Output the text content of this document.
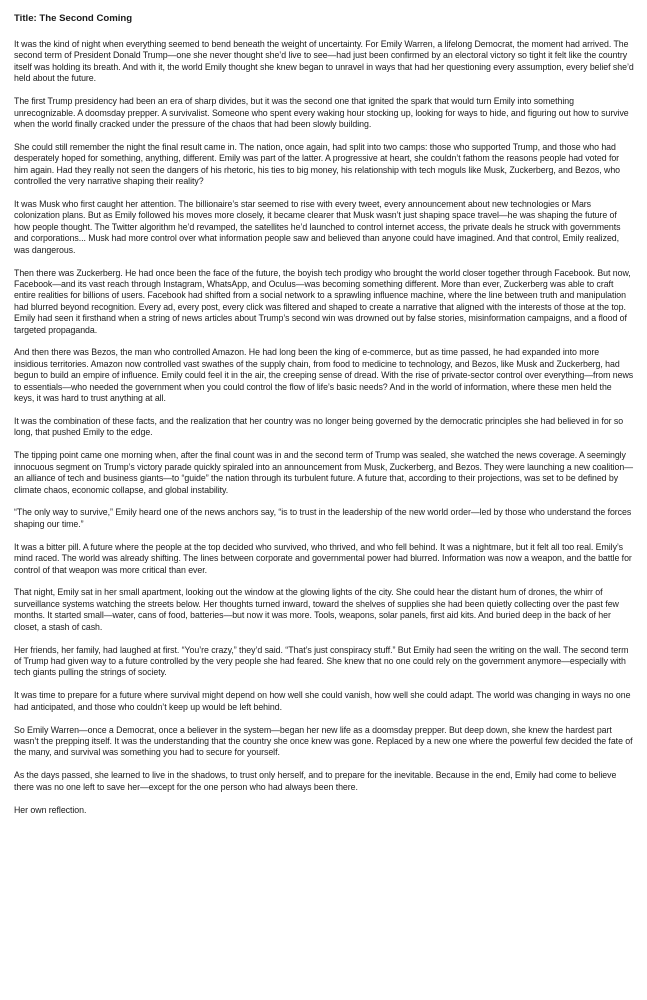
Title: The Second Coming

It was the kind of night when everything seemed to bend beneath the weight of uncertainty. For Emily Warren, a lifelong Democrat, the moment had arrived. The second term of President Donald Trump—one she never thought she’d live to see—had just been confirmed by an electoral victory so tight it felt like the country itself was holding its breath. And with it, the world Emily thought she knew began to unravel in ways that had her questioning every assumption, every belief she’d held about the future.

The first Trump presidency had been an era of sharp divides, but it was the second one that ignited the spark that would turn Emily into something unrecognizable. A doomsday prepper. A survivalist. Someone who spent every waking hour stocking up, looking for ways to hide, and figuring out how to survive when the world finally cracked under the pressure of the chaos that had been slowly building.

She could still remember the night the final result came in. The nation, once again, had split into two camps: those who supported Trump, and those who had desperately hoped for something, anything, different. Emily was part of the latter. A progressive at heart, she couldn’t fathom the reasons people had voted for him again. Had they really not seen the dangers of his rhetoric, his ties to big money, his relationship with tech moguls like Musk, Zuckerberg, and Bezos, who controlled the very narrative shaping their reality?

It was Musk who first caught her attention. The billionaire’s star seemed to rise with every tweet, every announcement about new technologies or Mars colonization plans. But as Emily followed his moves more closely, it became clearer that Musk wasn’t just shaping space travel—he was shaping the future of how people thought. The Twitter algorithm he’d revamped, the satellites he’d launched to control internet access, the private deals he struck with governments and corporations... Musk had more control over what information people saw and believed than anyone could have imagined. And that control, Emily realized, was dangerous.

Then there was Zuckerberg. He had once been the face of the future, the boyish tech prodigy who brought the world closer together through Facebook. But now, Facebook—and its vast reach through Instagram, WhatsApp, and Oculus—was becoming something different. More than ever, Zuckerberg was able to craft entire realities for billions of users. Facebook had shifted from a social network to a sprawling influence machine, where the line between truth and manipulation had blurred beyond recognition. Every ad, every post, every click was filtered and shaped to create a narrative that aligned with the interests of those at the top. Emily had seen it firsthand when a string of news articles about Trump’s second win was drowned out by false stories, misinformation campaigns, and a flood of targeted propaganda.

And then there was Bezos, the man who controlled Amazon. He had long been the king of e-commerce, but as time passed, he had expanded into more insidious territories. Amazon now controlled vast swathes of the supply chain, from food to medicine to technology, and Bezos, like Musk and Zuckerberg, had begun to build an empire of influence. Emily could feel it in the air, the creeping sense of dread. With the rise of private-sector control over everything—from news to essentials—who needed the government when you could control the flow of life’s basic needs? And in the world of information, where these men held the keys, it was hard to trust anything at all.

It was the combination of these facts, and the realization that her country was no longer being governed by the democratic principles she had believed in for so long, that pushed Emily to the edge.

The tipping point came one morning when, after the final count was in and the second term of Trump was sealed, she watched the news coverage. A seemingly innocuous segment on Trump’s victory parade quickly spiraled into an announcement from Musk, Zuckerberg, and Bezos. They were launching a new coalition—an alliance of tech and business giants—to “guide” the nation through its turbulent future. A future that, according to their projections, was set to be defined by climate chaos, economic collapse, and global instability.

“The only way to survive,” Emily heard one of the news anchors say, “is to trust in the leadership of the new world order—led by those who understand the forces shaping our time.”

It was a bitter pill. A future where the people at the top decided who survived, who thrived, and who fell behind. It was a nightmare, but it felt all too real. Emily’s mind raced. The world was already shifting. The lines between corporate and governmental power had blurred. Information was now a weapon, and the battle for control of that weapon was more critical than ever.

That night, Emily sat in her small apartment, looking out the window at the glowing lights of the city. She could hear the distant hum of drones, the whirr of surveillance systems watching the streets below. Her thoughts turned inward, toward the shelves of supplies she had been quietly collecting over the past few months. It started small—water, cans of food, batteries—but now it was more. Tools, weapons, solar panels, first aid kits. And buried deep in the back of her closet, a stash of cash.

Her friends, her family, had laughed at first. “You’re crazy,” they’d said. “That’s just conspiracy stuff.” But Emily had seen the writing on the wall. The second term of Trump had given way to a future controlled by the very people she had feared. She knew that no one could rely on the government anymore—especially with tech giants pulling the strings of society.

It was time to prepare for a future where survival might depend on how well she could vanish, how well she could adapt. The world was changing in ways no one had anticipated, and those who couldn’t keep up would be left behind.

So Emily Warren—once a Democrat, once a believer in the system—began her new life as a doomsday prepper. But deep down, she knew the hardest part wasn’t the prepping itself. It was the understanding that the country she once knew was gone. Replaced by a new one where the powerful few decided the fate of the many, and survival was something you had to secure for yourself.

As the days passed, she learned to live in the shadows, to trust only herself, and to prepare for the inevitable. Because in the end, Emily had come to believe there was no one left to save her—except for the one person who had always been there.

Her own reflection.
